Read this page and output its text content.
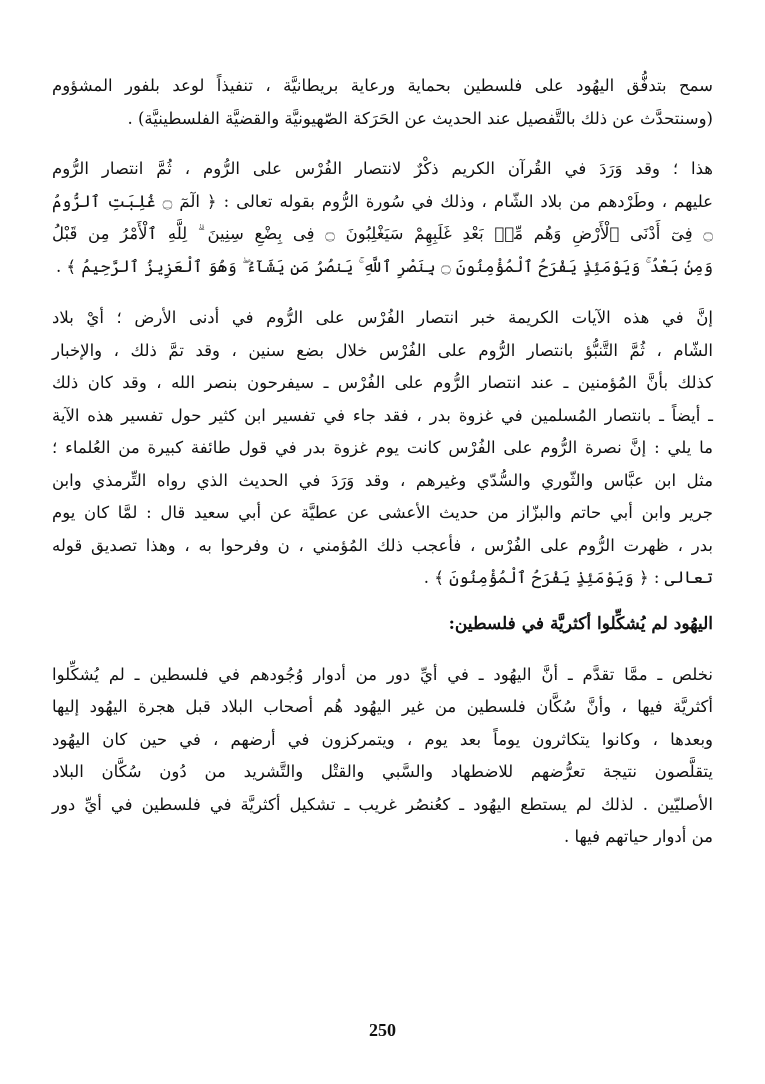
سمح بتدفُّق اليهُود على فلسطين بحماية ورعاية بريطانيَّة ، تنفيذاً لوعد بلفور المشؤوم

(وسنتحدَّث عن ذلك بالتَّفصيل عند الحديث عن الحَرَكة الصّهيونيَّة والقضيَّة الفلسطينيَّة) .

هذا ؛ وقد وَرَدَ في القُرآن الكريم ذكْرٌ لانتصار الفُرْس على الرُّوم ، ثُمَّ انتصار الرُّوم

عليهم ، وطَرْدهم من بلاد الشّام ، وذلك في سُورة الرُّوم بقوله تعالى : ﴿ الٓمٓ ۝ غُلِبَتِ ٱلرُّومُ

۝ فِىٓ أَدْنَى ٱلْأَرْضِ وَهُم مِّنۢ بَعْدِ غَلَبِهِمْ سَيَغْلِبُونَ ۝ فِى بِضْعِ سِنِينَ ۗ لِلَّهِ ٱلْأَمْرُ مِن قَبْلُ

وَمِنۢ بَعْدُ ۚ وَيَوْمَئِذٍ يَفْرَحُ ٱلْمُؤْمِنُونَ ۝ بِنَصْرِ ٱللَّهِ ۚ يَنصُرُ مَن يَشَآءُ ۖ وَهُوَ ٱلْعَزِيزُ ٱلرَّحِيمُ ﴾ .

إنَّ في هذه الآيات الكريمة خبر انتصار الفُرْس على الرُّوم في أدنى الأرض ؛ أيْ بلاد

الشّام ، ثُمَّ التَّنبُّؤ بانتصار الرُّوم على الفُرْس خلال بضع سنين ، وقد تمَّ ذلك ، والإخبار

كذلك بأنَّ المُؤمنين ـ عند انتصار الرُّوم على الفُرْس ـ سيفرحون بنصر الله ، وقد كان ذلك

ـ أيضاً ـ بانتصار المُسلمين في غزوة بدر ، فقد جاء في تفسير ابن كثير حول تفسير هذه الآية

ما يلي : إنَّ نصرة الرُّوم على الفُرْس كانت يوم غزوة بدر في قول طائفة كبيرة من العُلماء ؛

مثل ابن عبَّاس والثّوري والسُّدّي وغيرهم ، وقد وَرَدَ في الحديث الذي رواه التِّرمذي وابن

جرير وابن أبي حاتم والبزّاز من حديث الأعشى عن عطيَّة عن أبي سعيد قال : لمَّا كان يوم

بدر ، ظهرت الرُّوم على الفُرْس ، فأعجب ذلك المُؤمني ، ن وفرحوا به ، وهذا تصديق قوله

تعالى : ﴿ وَيَوْمَئِذٍ يَفْرَحُ ٱلْمُؤْمِنُونَ ﴾ .

اليهُود لم يُشكِّلوا أكثريَّة في فلسطين:

نخلص ـ ممَّا تقدَّم ـ أنَّ اليهُود ـ في أيِّ دور من أدوار وُجُودهم في فلسطين ـ لم يُشكِّلوا

أكثريَّة فيها ، وأنَّ سُكَّان فلسطين من غير اليهُود هُم أصحاب البلاد قبل هجرة اليهُود إليها

وبعدها ، وكانوا يتكاثرون يوماً بعد يوم ، ويتمركزون في أرضهم ، في حين كان اليهُود

يتقلَّصون نتيجة تعرُّضهم للاضطهاد والسَّبي والقتْل والتَّشريد من دُون سُكَّان البلاد

الأصليّين . لذلك لم يستطع اليهُود ـ كعُنصُر غريب ـ تشكيل أكثريَّة في فلسطين في أيِّ دور

من أدوار حياتهم فيها .

250
